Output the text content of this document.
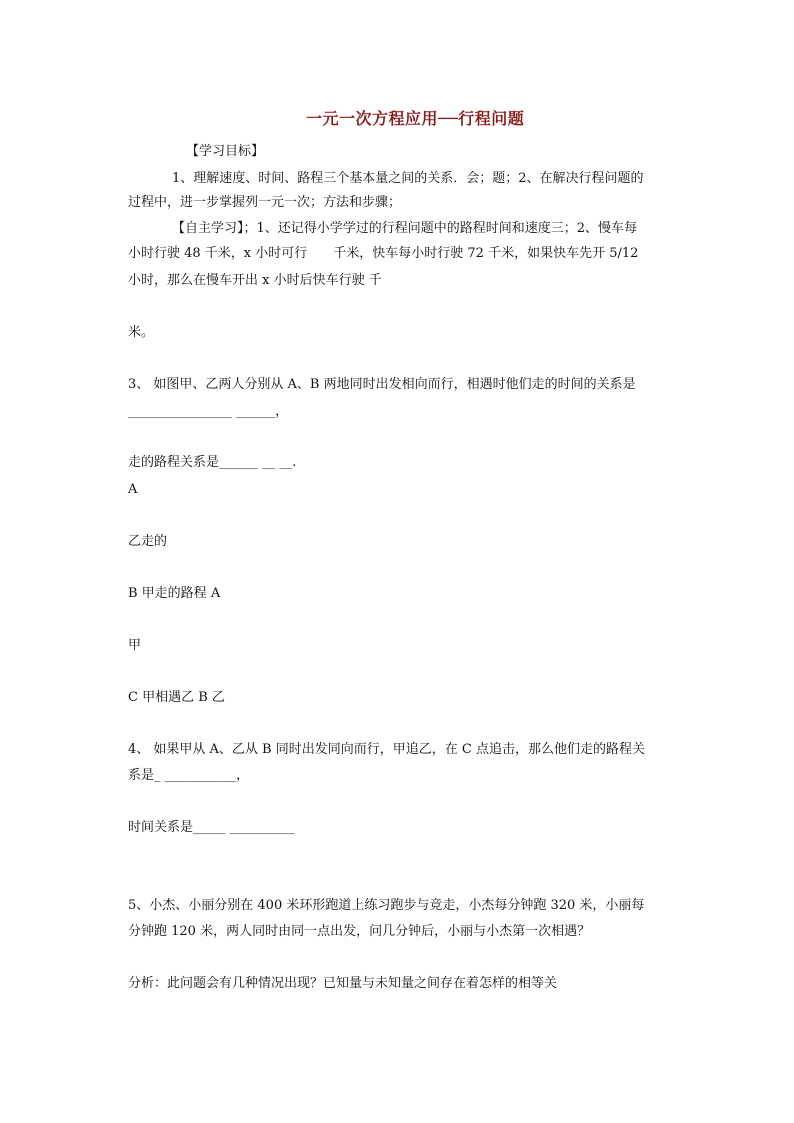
一元一次方程应用──行程问题
【学习目标】
1、理解速度、时间、路程三个基本量之间的关系．会；题；2、在解决行程问题的
过程中，进一步掌握列一元一次；方法和步骤；
【自主学习】；1、还记得小学学过的行程问题中的路程时间和速度三；2、慢车每
小时行驶 48 千米，x 小时可行　　千米，快车每小时行驶 72 千米，如果快车先开 5/12
小时，那么在慢车开出 x 小时后快车行驶 千
米。
3、 如图甲、乙两人分别从 A、B 两地同时出发相向而行，相遇时他们走的时间的关系是
________________ ______，
走的路程关系是______ __ __.
A
乙走的
B 甲走的路程 A
甲
C 甲相遇乙 B 乙
4、 如果甲从 A、乙从 B 同时出发同向而行，甲追乙，在 C 点追击，那么他们走的路程关
系是_ ___________，
时间关系是_____ __________
5、小杰、小丽分别在 400 米环形跑道上练习跑步与竞走，小杰每分钟跑 320 米，小丽每
分钟跑 120 米，两人同时由同一点出发，问几分钟后，小丽与小杰第一次相遇？
分析：此问题会有几种情况出现？已知量与未知量之间存在着怎样的相等关
